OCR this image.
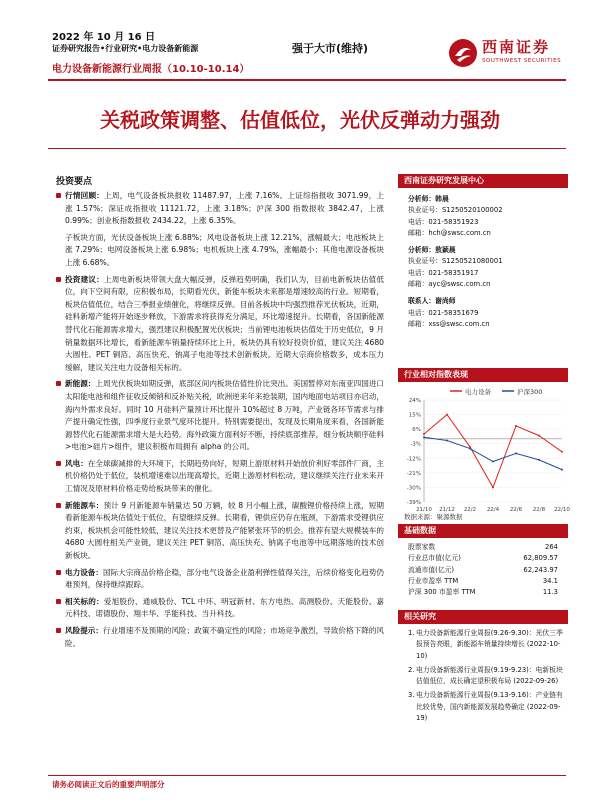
2022 年 10 月 16 日
证券研究报告•行业研究•电力设备新能源
电力设备新能源行业周报（10.10-10.14）
强于大市(维持)	西南证券
SOUTHWEST SECURITIES
关税政策调整、估值低位，光伏反弹动力强劲
投资要点
行情回顾：上周，电气设备板块报收 11487.97，上涨 7.16%。上证综指报收 3071.99，上涨 1.57%；深证成指报收 11121.72，上涨 3.18%；沪深 300 指数报收 3842.47，上涨 0.99%；创业板指数报收 2434.22，上涨 6.35%。
子板块方面，光伏设备板块上涨 6.88%；风电设备板块上涨 12.21%，涨幅最大；电池板块上涨 7.29%；电网设备板块上涨 6.98%；电机板块上涨 4.79%，涨幅最小；其他电源设备板块上涨 6.68%。
投资建议：上周电新板块带领大盘大幅反弹，反弹趋势明确，我们认为，目前电新板块估值低位，向下空间有限，应积极布局，长期看光伏、新能车板块未来都是增速较高的行业。短期看，板块估值低位，结合三季报业绩催化，将继续反弹。目前各板块中均强烈推荐光伏板块，近期，硅料新增产能将开始逐步释放，下游需求将获得充分满足，环比增速提升。长期看，各国新能源替代化石能源需求增大，强烈建议积极配置光伏板块；当前锂电池板块估值处于历史低位，9 月销量数据环比增长，看新能源车销量持续环比上升，板块仍具有较好投资价值，建议关注 4680 大圆柱、PET 铜箔、高压快充、钠离子电池等技术创新板块。近期大宗商价格数多，成本压力缓解，建议关注电力设备相关标的。
新能源：上周光伏板块如期反弹，底部区间内板块估值性价比突出。美国暂停对东南亚四国进口太阳能电池和组件征收反倾销和反补贴关税，欧洲逆来年来抢装期，国内地面电站项目亦启动，海内外需求良好。同时 10 月硅料产量预计环比提升 10%超过 8 万吨，产业链各环节需求与排产提升确定性强，四季度行业景气度环比提升。特别需要提出，发现及长期角度来看，各国新能源替代化石能源需求增大是大趋势。海外政策方面利好不断，持续底部推荐，细分板块顺序硅料>电池>硅片>组件，建议积极布局拥有 alpha 的公司。
风电：在全球碳减排的大环境下，长期趋势向好，短期上游原材料开始放价利好零部件厂商，主机价格仍处于低位，装机增速难以出现高增长，近期上游原材料松动，建议继续关注行业未来开工情况及原材料价格走势给板块带来的催化。
新能源车：预计 9 月新能源车销量达 50 万辆，较 8 月小幅上涨，碳酸锂价格持续上涨，短期看新能源车板块估值处于低位，有望继续反弹。长期看，锂供应仍存在瓶颈，下游需求受锂供应约束，板块机会可能性较低，建议关注技术更替及产能紧张环节的机会。推荐有望大规模装车的 4680 大圆柱相关产业链，建议关注 PET 铜箔、高压快充、钠离子电池等中远期落地的技术创新板块。
电力设备：国际大宗商品价格企稳，部分电气设备企业盈利弹性值得关注，后续价格变化趋势仍难预判，保持继续跟踪。
相关标的：爱旭股份、通威股份、TCL 中环、明冠新材、东方电热、高测股份、天能股份、嘉元科技、诺德股份、翔丰华、孚能科技、当升科技。
风险提示：行业增速不及预期的风险；政策不确定性的风险；市场竞争激烈，导致价格下降的风险。
西南证券研究发展中心
分析师：韩晨
执业证号：S1250520100002
电话：021-58351923
邮箱：hch@swsc.com.cn
分析师：敖颖晨
执业证号：S1250521080001
电话：021-58351917
邮箱：ayc@swsc.com.cn
联系人：谢尚师
电话：021-58351679
邮箱：xss@swsc.com.cn
行业相对指数表现
电力设备	沪深300
24%
15%
6%
-3%
-12%
-21%
-30%
-39%
21/10 21/12 22/2 22/4 22/6 22/8 22/10
数据来源：聚源数据
基础数据
股票家数	264
行业总市值(亿元)	62,809.57
流通市值(亿元)	62,243.97
行业市盈率 TTM	34.1
沪深 300 市盈率 TTM	11.3
相关研究
1. 电力设备新能源行业周报(9.26-9.30)：光伏三季报预告亮眼，新能源车销量持续增长 (2022-10-10)
2. 电力设备新能源行业周报(9.19-9.23)：电新板块估值低位，成长确定望积极布局 (2022-09-26)
3. 电力设备新能源行业周报(9.13-9.16)：产业链有比较优势，国内新能源发展趋势确定 (2022-09-19)
请务必阅读正文后的重要声明部分
